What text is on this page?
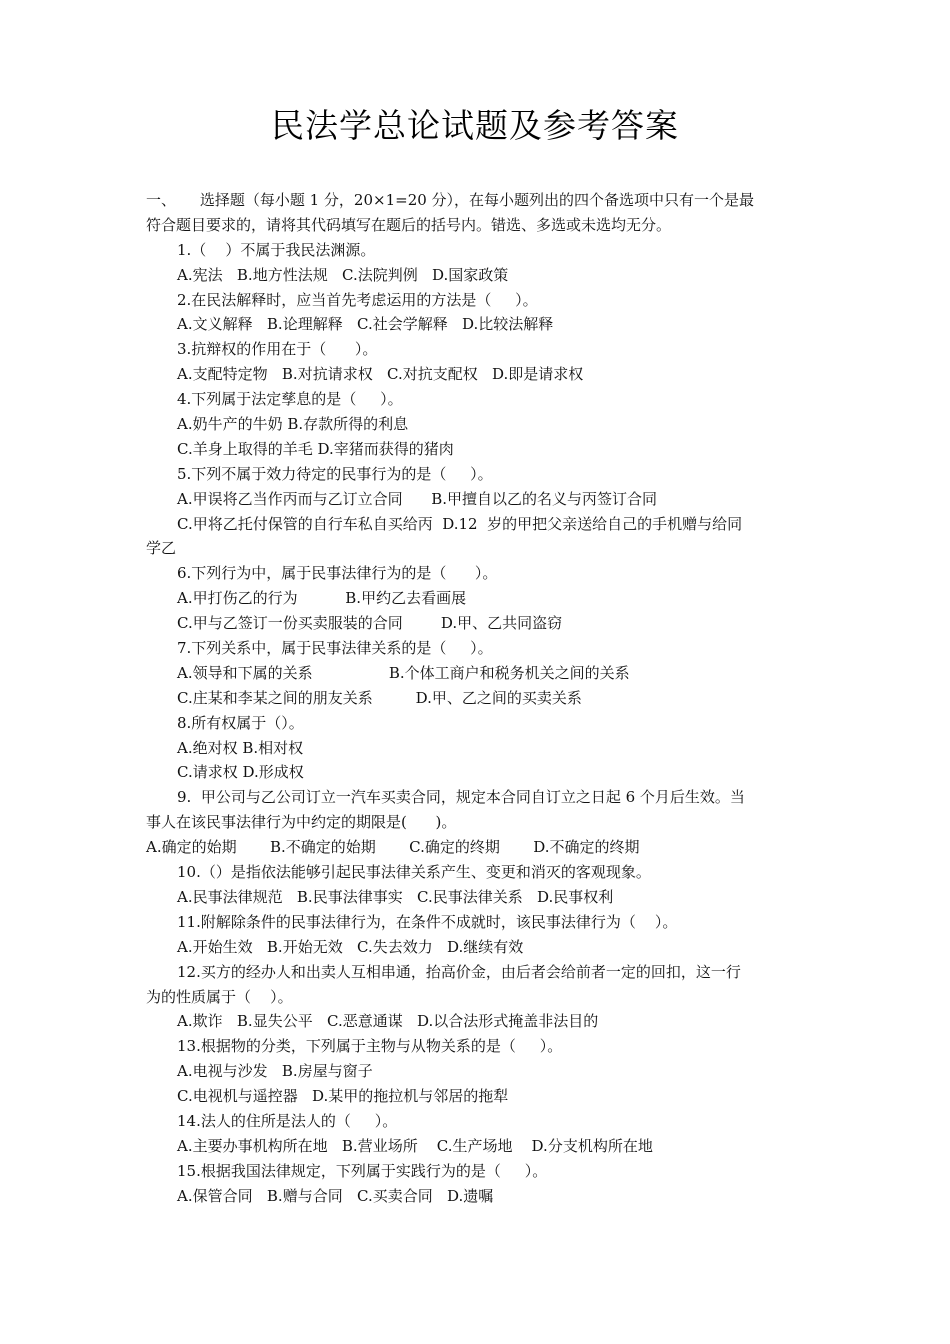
民法学总论试题及参考答案
一、     选择题（每小题 1 分，20×1=20 分），在每小题列出的四个备选项中只有一个是最
符合题目要求的，请将其代码填写在题后的括号内。错选、多选或未选均无分。
1.（    ）不属于我民法渊源。
A.宪法   B.地方性法规   C.法院判例   D.国家政策
2.在民法解释时，应当首先考虑运用的方法是（     ）。
A.文义解释   B.论理解释   C.社会学解释   D.比较法解释
3.抗辩权的作用在于（      ）。
A.支配特定物   B.对抗请求权   C.对抗支配权   D.即是请求权
4.下列属于法定孳息的是（     ）。
A.奶牛产的牛奶 B.存款所得的利息
C.羊身上取得的羊毛 D.宰猪而获得的猪肉
5.下列不属于效力待定的民事行为的是（     ）。
A.甲误将乙当作丙而与乙订立合同      B.甲擅自以乙的名义与丙签订合同
C.甲将乙托付保管的自行车私自买给丙  D.12  岁的甲把父亲送给自己的手机赠与给同
学乙
6.下列行为中，属于民事法律行为的是（      ）。
A.甲打伤乙的行为          B.甲约乙去看画展
C.甲与乙签订一份买卖服装的合同        D.甲、乙共同盗窃
7.下列关系中，属于民事法律关系的是（     ）。
A.领导和下属的关系                B.个体工商户和税务机关之间的关系
C.庄某和李某之间的朋友关系         D.甲、乙之间的买卖关系
8.所有权属于（）。
A.绝对权 B.相对权
C.请求权 D.形成权
9.  甲公司与乙公司订立一汽车买卖合同，规定本合同自订立之日起 6 个月后生效。当
事人在该民事法律行为中约定的期限是(      )。
A.确定的始期       B.不确定的始期       C.确定的终期       D.不确定的终期
10.（）是指依法能够引起民事法律关系产生、变更和消灭的客观现象。
A.民事法律规范   B.民事法律事实   C.民事法律关系   D.民事权利
11.附解除条件的民事法律行为，在条件不成就时，该民事法律行为（    ）。
A.开始生效   B.开始无效   C.失去效力   D.继续有效
12.买方的经办人和出卖人互相串通，抬高价金，由后者会给前者一定的回扣，这一行
为的性质属于（    ）。
A.欺诈   B.显失公平   C.恶意通谋   D.以合法形式掩盖非法目的
13.根据物的分类，下列属于主物与从物关系的是（     ）。
A.电视与沙发   B.房屋与窗子
C.电视机与遥控器   D.某甲的拖拉机与邻居的拖犁
14.法人的住所是法人的（     ）。
A.主要办事机构所在地   B.营业场所    C.生产场地    D.分支机构所在地
15.根据我国法律规定，下列属于实践行为的是（     ）。
A.保管合同   B.赠与合同   C.买卖合同   D.遗嘱
